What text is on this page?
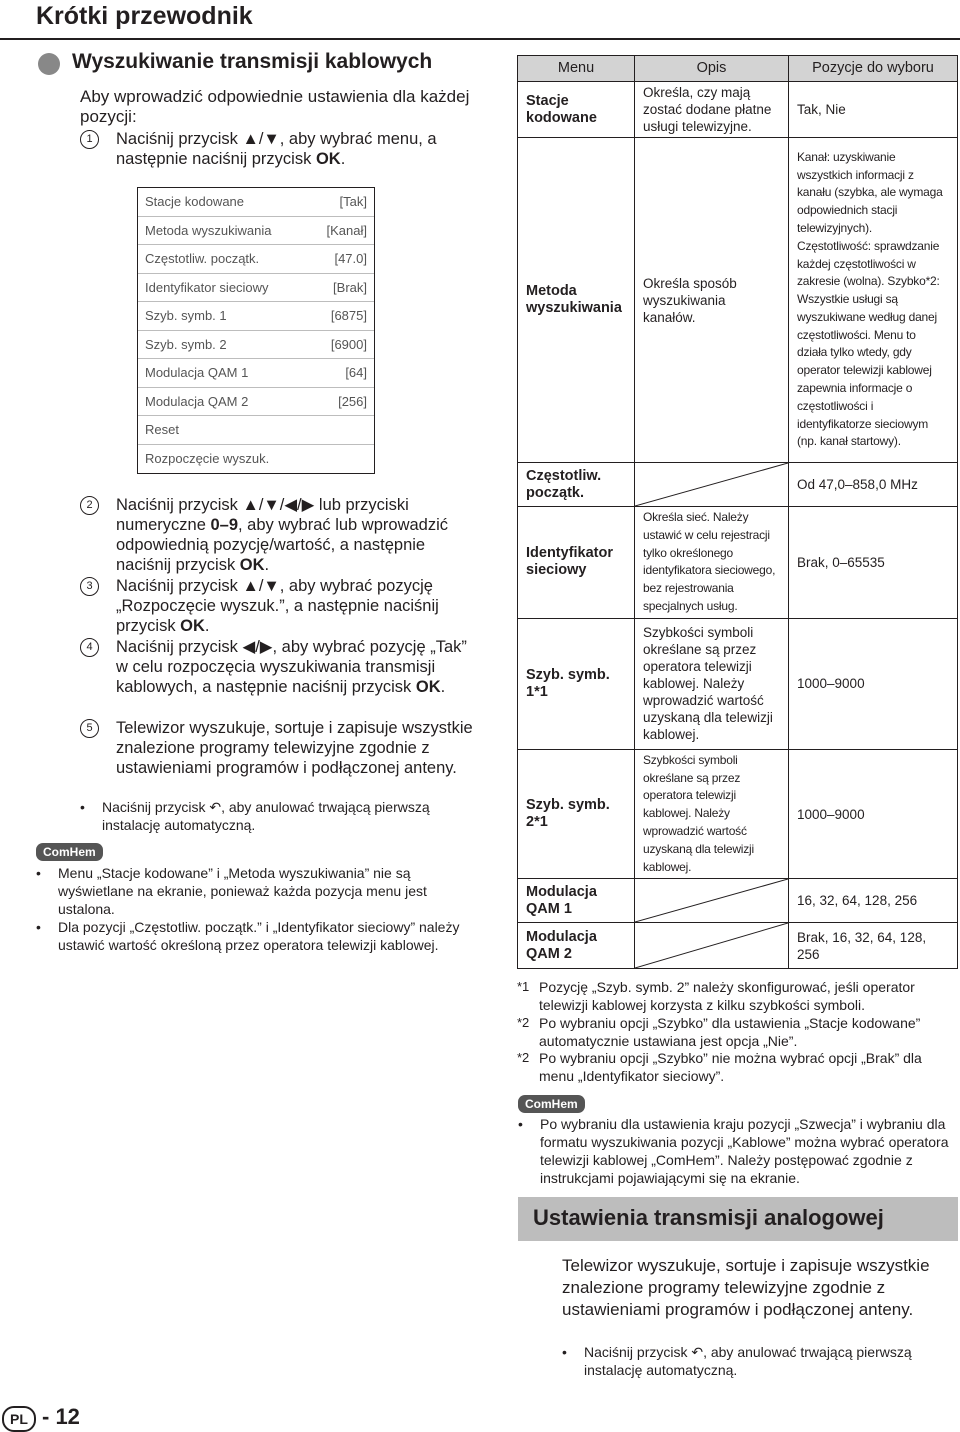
Krótki przewodnik
Wyszukiwanie transmisji kablowych
Aby wprowadzić odpowiednie ustawienia dla każdej pozycji:
1	Naciśnij przycisk ▲/▼, aby wybrać menu, a następnie naciśnij przycisk OK.
Stacje kodowane	[Tak]
Metoda wyszukiwania	[Kanał]
Częstotliw. początk.	[47.0]
Identyfikator sieciowy	[Brak]
Szyb. symb. 1	[6875]
Szyb. symb. 2	[6900]
Modulacja QAM 1	[64]
Modulacja QAM 2	[256]
Reset
Rozpoczęcie wyszuk.
2	Naciśnij przycisk ▲/▼/◀/▶ lub przyciski numeryczne 0–9, aby wybrać lub wprowadzić odpowiednią pozycję/wartość, a następnie naciśnij przycisk OK.
3	Naciśnij przycisk ▲/▼, aby wybrać pozycję „Rozpoczęcie wyszuk.”, a następnie naciśnij przycisk OK.
4	Naciśnij przycisk ◀/▶, aby wybrać pozycję „Tak” w celu rozpoczęcia wyszukiwania transmisji kablowych, a następnie naciśnij przycisk OK.
5	Telewizor wyszukuje, sortuje i zapisuje wszystkie znalezione programy telewizyjne zgodnie z ustawieniami programów i podłączonej anteny.
• Naciśnij przycisk ↶, aby anulować trwającą pierwszą instalację automatyczną.
ComHem
• Menu „Stacje kodowane” i „Metoda wyszukiwania” nie są wyświetlane na ekranie, ponieważ każda pozycja menu jest ustalona.
• Dla pozycji „Częstotliw. początk.” i „Identyfikator sieciowy” należy ustawić wartość określoną przez operatora telewizji kablowej.
Menu	Opis	Pozycje do wyboru
Stacje kodowane	Określa, czy mają zostać dodane płatne usługi telewizyjne.	Tak, Nie
Metoda wyszukiwania	Określa sposób wyszukiwania kanałów.	Kanał: uzyskiwanie wszystkich informacji z kanału (szybka, ale wymaga odpowiednich stacji telewizyjnych). Częstotliwość: sprawdzanie każdej częstotliwości w zakresie (wolna). Szybko*2: Wszystkie usługi są wyszukiwane według danej częstotliwości. Menu to działa tylko wtedy, gdy operator telewizji kablowej zapewnia informacje o częstotliwości i identyfikatorze sieciowym (np. kanał startowy).
Częstotliw. początk.		Od 47,0–858,0 MHz
Identyfikator sieciowy	Określa sieć. Należy ustawić w celu rejestracji tylko określonego identyfikatora sieciowego, bez rejestrowania specjalnych usług.	Brak, 0–65535
Szyb. symb. 1*1	Szybkości symboli określane są przez operatora telewizji kablowej. Należy wprowadzić wartość uzyskaną dla telewizji kablowej.	1000–9000
Szyb. symb. 2*1	Szybkości symboli określane są przez operatora telewizji kablowej. Należy wprowadzić wartość uzyskaną dla telewizji kablowej.	1000–9000
Modulacja QAM 1		16, 32, 64, 128, 256
Modulacja QAM 2		Brak, 16, 32, 64, 128, 256
*1 Pozycję „Szyb. symb. 2” należy skonfigurować, jeśli operator telewizji kablowej korzysta z kilku szybkości symboli.
*2 Po wybraniu opcji „Szybko” dla ustawienia „Stacje kodowane” automatycznie ustawiana jest opcja „Nie”.
*2 Po wybraniu opcji „Szybko” nie można wybrać opcji „Brak” dla menu „Identyfikator sieciowy”.
ComHem
• Po wybraniu dla ustawienia kraju pozycji „Szwecja” i wybraniu dla formatu wyszukiwania pozycji „Kablowe” można wybrać operatora telewizji kablowej „ComHem”. Należy postępować zgodnie z instrukcjami pojawiającymi się na ekranie.
Ustawienia transmisji analogowej
Telewizor wyszukuje, sortuje i zapisuje wszystkie znalezione programy telewizyjne zgodnie z ustawieniami programów i podłączonej anteny.
• Naciśnij przycisk ↶, aby anulować trwającą pierwszą instalację automatyczną.
PL - 12
